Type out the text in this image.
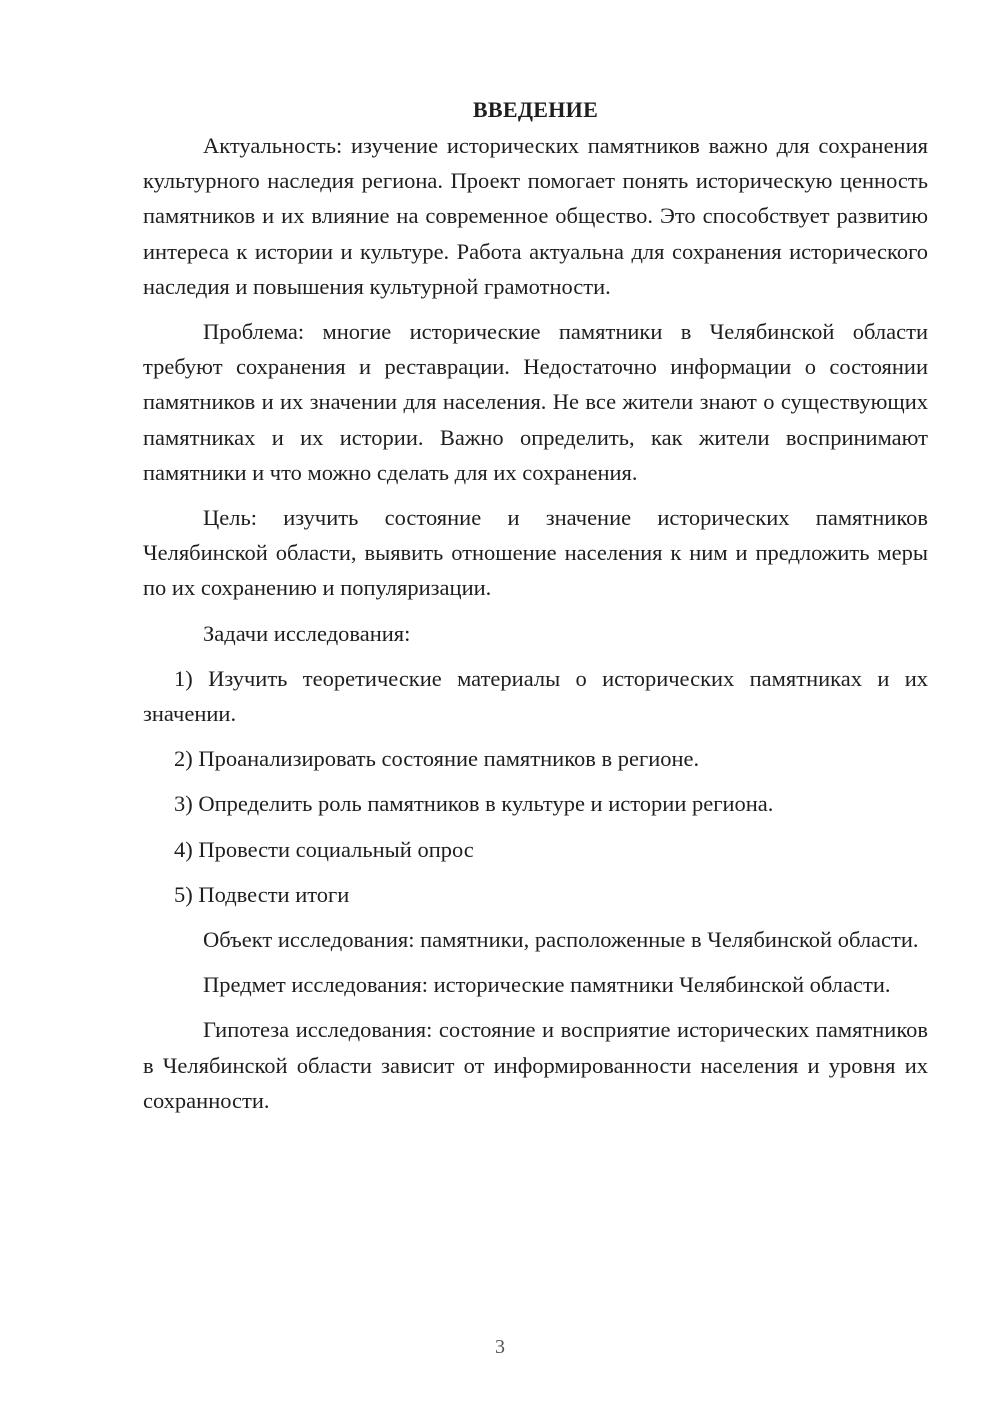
ВВЕДЕНИЕ

Актуальность: изучение исторических памятников важно для сохранения культурного наследия региона. Проект помогает понять историческую ценность памятников и их влияние на современное общество. Это способствует развитию интереса к истории и культуре. Работа актуальна для сохранения исторического наследия и повышения культурной грамотности.

Проблема: многие исторические памятники в Челябинской области требуют сохранения и реставрации. Недостаточно информации о состоянии памятников и их значении для населения. Не все жители знают о существующих памятниках и их истории. Важно определить, как жители воспринимают памятники и что можно сделать для их сохранения.

Цель: изучить состояние и значение исторических памятников Челябинской области, выявить отношение населения к ним и предложить меры по их сохранению и популяризации.

Задачи исследования:

1) Изучить теоретические материалы о исторических памятниках и их значении.

2) Проанализировать состояние памятников в регионе.

3) Определить роль памятников в культуре и истории региона.

4) Провести социальный опрос

5) Подвести итоги

Объект исследования: памятники, расположенные в Челябинской области.

Предмет исследования: исторические памятники Челябинской области.

Гипотеза исследования: состояние и восприятие исторических памятников в Челябинской области зависит от информированности населения и уровня их сохранности.

3
